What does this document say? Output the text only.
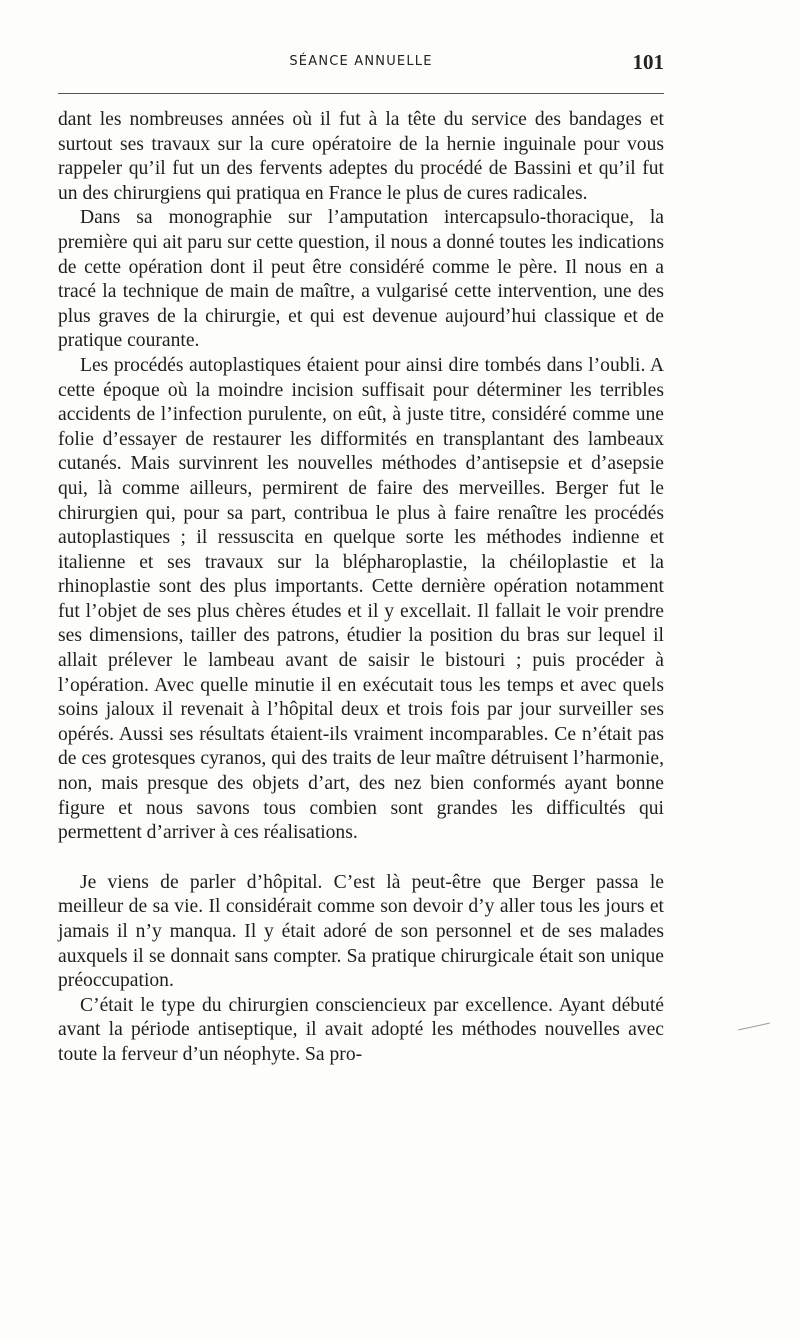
SÉANCE ANNUELLE	101

dant les nombreuses années où il fut à la tête du service des bandages et surtout ses travaux sur la cure opératoire de la hernie inguinale pour vous rappeler qu’il fut un des fervents adeptes du procédé de Bassini et qu’il fut un des chirurgiens qui pratiqua en France le plus de cures radicales.

Dans sa monographie sur l’amputation intercapsulo-thoracique, la première qui ait paru sur cette question, il nous a donné toutes les indications de cette opération dont il peut être considéré comme le père. Il nous en a tracé la technique de main de maître, a vulgarisé cette intervention, une des plus graves de la chirurgie, et qui est devenue aujourd’hui classique et de pratique courante.

Les procédés autoplastiques étaient pour ainsi dire tombés dans l’oubli. A cette époque où la moindre incision suffisait pour déterminer les terribles accidents de l’infection purulente, on eût, à juste titre, considéré comme une folie d’essayer de restaurer les difformités en transplantant des lambeaux cutanés. Mais survinrent les nouvelles méthodes d’antisepsie et d’asepsie qui, là comme ailleurs, permirent de faire des merveilles. Berger fut le chirurgien qui, pour sa part, contribua le plus à faire renaître les procédés autoplastiques ; il ressuscita en quelque sorte les méthodes indienne et italienne et ses travaux sur la blépharoplastie, la chéiloplastie et la rhinoplastie sont des plus importants. Cette dernière opération notamment fut l’objet de ses plus chères études et il y excellait. Il fallait le voir prendre ses dimensions, tailler des patrons, étudier la position du bras sur lequel il allait prélever le lambeau avant de saisir le bistouri ; puis procéder à l’opération. Avec quelle minutie il en exécutait tous les temps et avec quels soins jaloux il revenait à l’hôpital deux et trois fois par jour surveiller ses opérés. Aussi ses résultats étaient-ils vraiment incomparables. Ce n’était pas de ces grotesques cyranos, qui des traits de leur maître détruisent l’harmonie, non, mais presque des objets d’art, des nez bien conformés ayant bonne figure et nous savons tous combien sont grandes les difficultés qui permettent d’arriver à ces réalisations.

Je viens de parler d’hôpital. C’est là peut-être que Berger passa le meilleur de sa vie. Il considérait comme son devoir d’y aller tous les jours et jamais il n’y manqua. Il y était adoré de son personnel et de ses malades auxquels il se donnait sans compter. Sa pratique chirurgicale était son unique préoccupation.

C’était le type du chirurgien consciencieux par excellence. Ayant débuté avant la période antiseptique, il avait adopté les méthodes nouvelles avec toute la ferveur d’un néophyte. Sa pro-
